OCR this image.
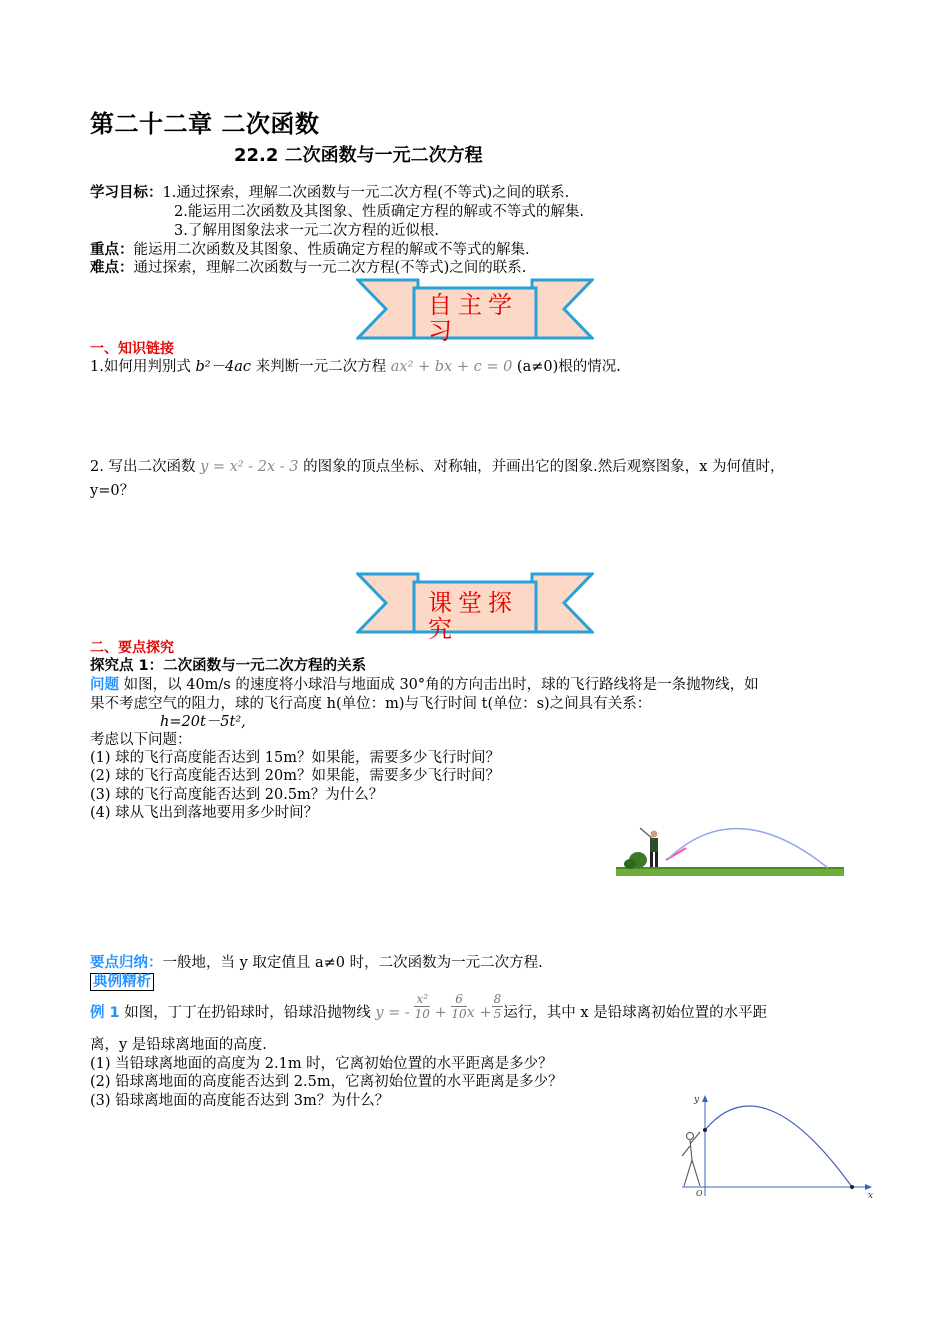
第二十二章 二次函数
22.2 二次函数与一元二次方程
学习目标：1.通过探索，理解二次函数与一元二次方程(不等式)之间的联系.
2.能运用二次函数及其图象、性质确定方程的解或不等式的解集.
3.了解用图象法求一元二次方程的近似根.
重点：能运用二次函数及其图象、性质确定方程的解或不等式的解集.
难点：通过探索，理解二次函数与一元二次方程(不等式)之间的联系.
自主学习
一、知识链接
1.如何用判别式 b²－4ac 来判断一元二次方程 ax² + bx + c = 0 (a≠0)根的情况.
2. 写出二次函数 y = x² - 2x - 3 的图象的顶点坐标、对称轴，并画出它的图象.然后观察图象，x 为何值时，
y=0？
课堂探究
二、要点探究
探究点 1：二次函数与一元二次方程的关系
问题 如图，以 40m/s 的速度将小球沿与地面成 30°角的方向击出时，球的飞行路线将是一条抛物线，如
果不考虑空气的阻力，球的飞行高度 h(单位：m)与飞行时间 t(单位：s)之间具有关系：
h=20t－5t²,
考虑以下问题：
(1) 球的飞行高度能否达到 15m？如果能，需要多少飞行时间？
(2) 球的飞行高度能否达到 20m？如果能，需要多少飞行时间？
(3) 球的飞行高度能否达到 20.5m？为什么？
(4) 球从飞出到落地要用多少时间？
要点归纳：一般地，当 y 取定值且 a≠0 时，二次函数为一元二次方程.
典例精析
例 1 如图，丁丁在扔铅球时，铅球沿抛物线 y = - $\frac{\text{x²}}{10} + \frac{6}{10}$ $x + \frac{8}{5}$ 运行，其中 x 是铅球离初始位置的水平距
离，y 是铅球离地面的高度.
(1) 当铅球离地面的高度为 2.1m 时，它离初始位置的水平距离是多少？
(2) 铅球离地面的高度能否达到 2.5m，它离初始位置的水平距离是多少？
(3) 铅球离地面的高度能否达到 3m？为什么？	y
x
O
